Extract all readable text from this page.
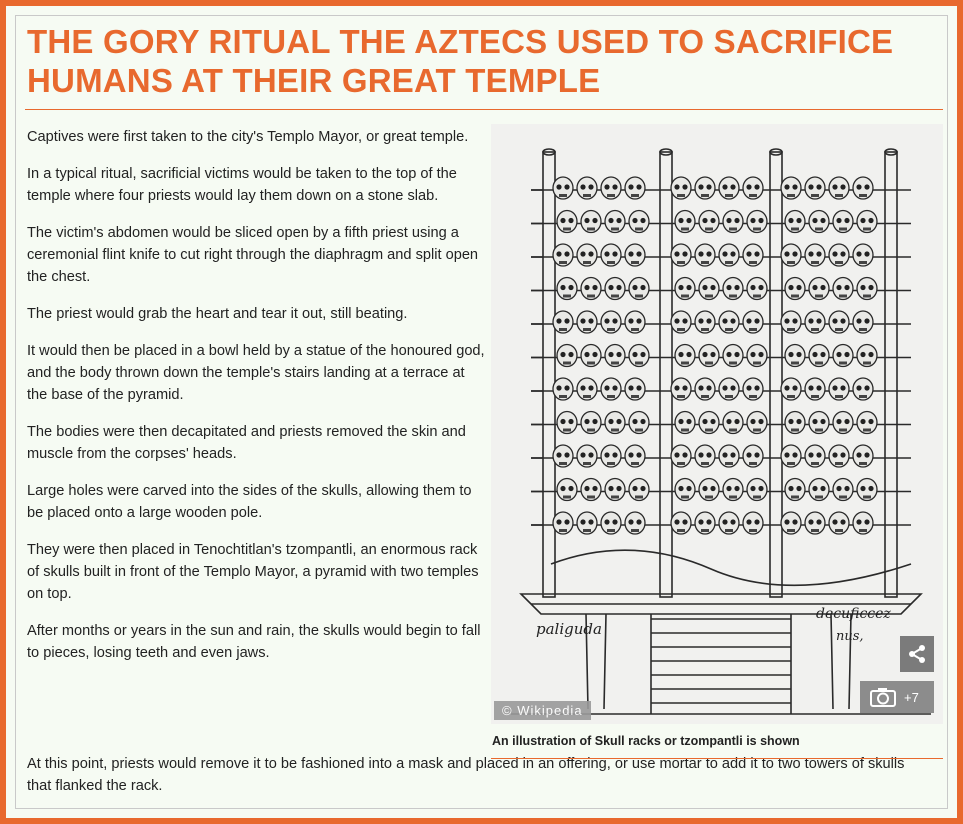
THE GORY RITUAL THE AZTECS USED TO SACRIFICE HUMANS AT THEIR GREAT TEMPLE

Captives were first taken to the city's Templo Mayor, or great temple.

In a typical ritual, sacrificial victims would be taken to the top of the temple where four priests would lay them down on a stone slab.

The victim's abdomen would be sliced open by a fifth priest using a ceremonial flint knife to cut right through the diaphragm and split open the chest.

The priest would grab the heart and tear it out, still beating.

It would then be placed in a bowl held by a statue of the honoured god, and the body thrown down the temple's stairs landing at a terrace at the base of the pyramid.

The bodies were then decapitated and priests removed the skin and muscle from the corpses' heads.

Large holes were carved into the sides of the skulls, allowing them to be placed onto a large wooden pole.

They were then placed in Tenochtitlan's tzompantli, an enormous rack of skulls built in front of the Templo Mayor, a pyramid with two temples on top.

After months or years in the sun and rain, the skulls would begin to fall to pieces, losing teeth and even jaws.

At this point, priests would remove it to be fashioned into a mask and placed in an offering, or use mortar to add it to two towers of skulls that flanked the rack.

paliguda
decuficcez
nus,
© Wikipedia
+7

An illustration of Skull racks or tzompantli is shown
